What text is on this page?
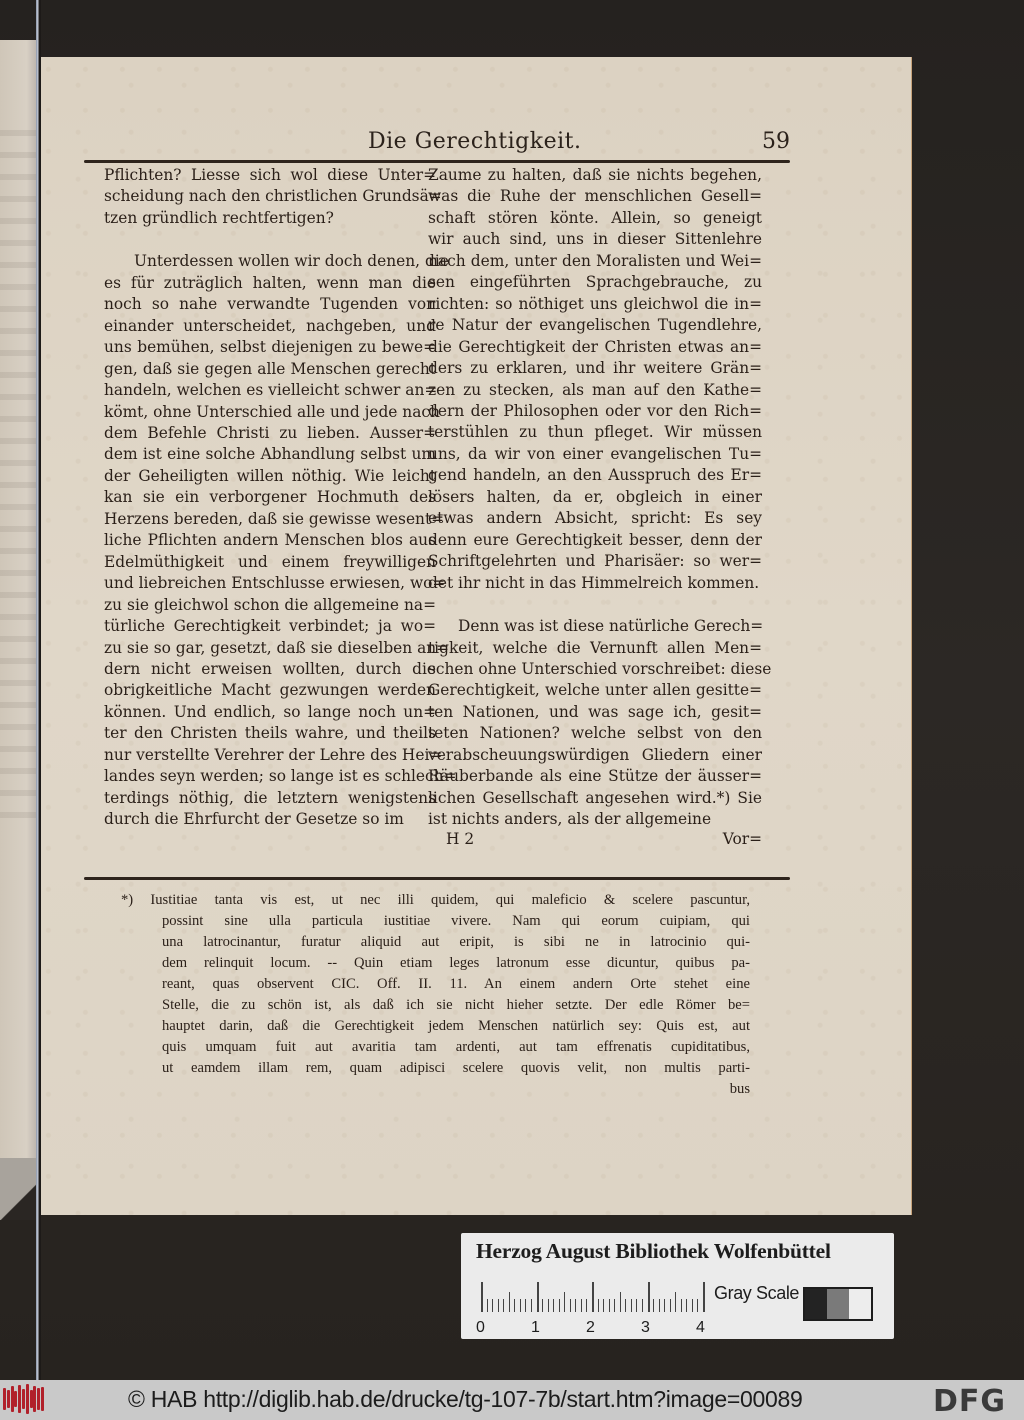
Die Gerechtigkeit.	59

Pflichten? Liesse sich wol diese Unter=
scheidung nach den christlichen Grundsä=
tzen gründlich rechtfertigen?

Unterdessen wollen wir doch denen, die
es für zuträglich halten, wenn man die
noch so nahe verwandte Tugenden von
einander unterscheidet, nachgeben, und
uns bemühen, selbst diejenigen zu bewe=
gen, daß sie gegen alle Menschen gerecht
handeln, welchen es vielleicht schwer an=
kömt, ohne Unterschied alle und jede nach
dem Befehle Christi zu lieben. Ausser=
dem ist eine solche Abhandlung selbst um
der Geheiligten willen nöthig. Wie leicht
kan sie ein verborgener Hochmuth des
Herzens bereden, daß sie gewisse wesent=
liche Pflichten andern Menschen blos aus
Edelmüthigkeit und einem freywilligen
und liebreichen Entschlusse erwiesen, wo=
zu sie gleichwol schon die allgemeine na=
türliche Gerechtigkeit verbindet; ja wo=
zu sie so gar, gesetzt, daß sie dieselben an=
dern nicht erweisen wollten, durch die
obrigkeitliche Macht gezwungen werden
können. Und endlich, so lange noch un=
ter den Christen theils wahre, und theils
nur verstellte Verehrer der Lehre des Hei=
landes seyn werden; so lange ist es schlech=
terdings nöthig, die letztern wenigstens
durch die Ehrfurcht der Gesetze so im

Zaume zu halten, daß sie nichts begehen,
was die Ruhe der menschlichen Gesell=
schaft stören könte. Allein, so geneigt
wir auch sind, uns in dieser Sittenlehre
nach dem, unter den Moralisten und Wei=
sen eingeführten Sprachgebrauche, zu
richten: so nöthiget uns gleichwol die in=
re Natur der evangelischen Tugendlehre,
die Gerechtigkeit der Christen etwas an=
ders zu erklaren, und ihr weitere Grän=
zen zu stecken, als man auf den Kathe=
dern der Philosophen oder vor den Rich=
terstühlen zu thun pfleget. Wir müssen
uns, da wir von einer evangelischen Tu=
gend handeln, an den Ausspruch des Er=
lösers halten, da er, obgleich in einer
etwas andern Absicht, spricht: Es sey
denn eure Gerechtigkeit besser, denn der
Schriftgelehrten und Pharisäer: so wer=
det ihr nicht in das Himmelreich kommen.

Denn was ist diese natürliche Gerech=
tigkeit, welche die Vernunft allen Men=
schen ohne Unterschied vorschreibet: diese
Gerechtigkeit, welche unter allen gesitte=
ten Nationen, und was sage ich, gesit=
teten Nationen? welche selbst von den
verabscheuungswürdigen Gliedern einer
Räuberbande als eine Stütze der äusser=
lichen Gesellschaft angesehen wird.*) Sie
ist nichts anders, als der allgemeine

H 2	Vor=
*) Iustitiae tanta vis est, ut nec illi quidem, qui maleficio & scelere pascuntur,
possint sine ulla particula iustitiae vivere. Nam qui eorum cuipiam, qui
una latrocinantur, furatur aliquid aut eripit, is sibi ne in latrocinio qui-
dem relinquit locum. -- Quin etiam leges latronum esse dicuntur, quibus pa-
reant, quas observent CIC. Off. II. 11. An einem andern Orte stehet eine
Stelle, die zu schön ist, als daß ich sie nicht hieher setzte. Der edle Römer be=
hauptet darin, daß die Gerechtigkeit jedem Menschen natürlich sey: Quis est, aut
quis umquam fuit aut avaritia tam ardenti, aut tam effrenatis cupiditatibus,
ut eamdem illam rem, quam adipisci scelere quovis velit, non multis parti-
bus
Herzog August Bibliothek Wolfenbüttel
0	1	2	3	4
Gray Scale
© HAB http://diglib.hab.de/drucke/tg-107-7b/start.htm?image=00089	DFG
